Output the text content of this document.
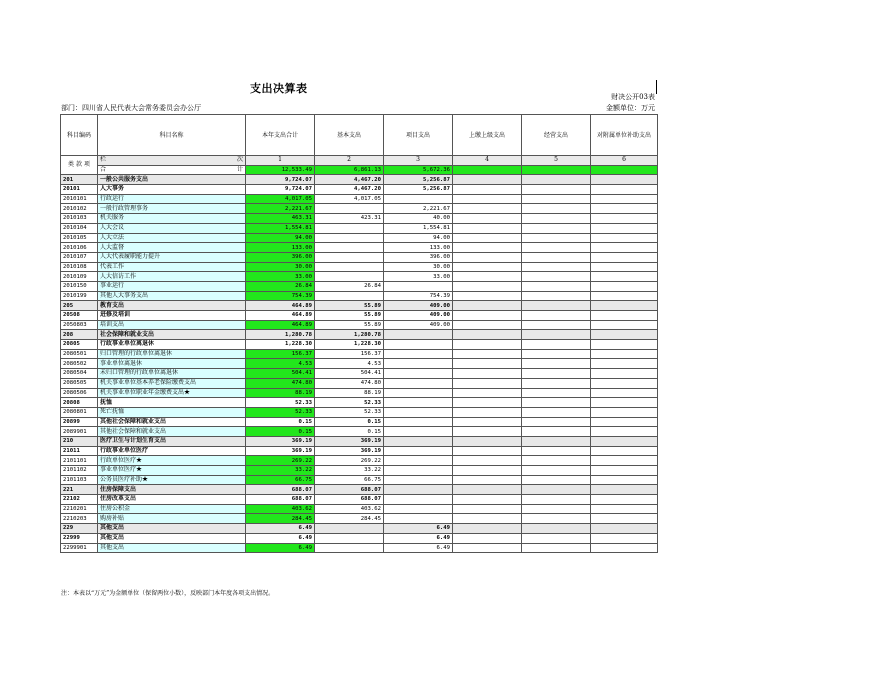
支出决算表
财决公开03表
部门：四川省人民代表大会常务委员会办公厅	金额单位：万元
科目编码	科目名称	本年支出合计	基本支出	项目支出	上缴上级支出	经营支出	对附属单位补助支出
类 款 项	栏 次	1	2	3	4	5	6

	合 计	12,533.49	6,861.13	5,672.36			
201	一般公共服务支出	9,724.07	4,467.20	5,256.87			
20101	人大事务	9,724.07	4,467.20	5,256.87			
2010101	行政运行	4,017.05	4,017.05				
2010102	一般行政管理事务	2,221.67		2,221.67			
2010103	机关服务	463.31	423.31	40.00			
2010104	人大会议	1,554.81		1,554.81			
2010105	人大立法	94.00		94.00			
2010106	人大监督	133.00		133.00			
2010107	人大代表履职能力提升	396.00		396.00			
2010108	代表工作	30.00		30.00			
2010109	人大信访工作	33.00		33.00			
2010150	事业运行	26.84	26.84				
2010199	其他人大事务支出	754.39		754.39			
205	教育支出	464.89	55.89	409.00			
20508	进修及培训	464.89	55.89	409.00			
2050803	培训支出	464.89	55.89	409.00			
208	社会保障和就业支出	1,280.78	1,280.78				
20805	行政事业单位离退休	1,228.30	1,228.30				
2080501	归口管理的行政单位离退休	156.37	156.37				
2080502	事业单位离退休	4.53	4.53				
2080504	未归口管理的行政单位离退休	504.41	504.41				
2080505	机关事业单位基本养老保险缴费支出	474.80	474.80				
2080506	机关事业单位职业年金缴费支出★	88.19	88.19				
20808	抚恤	52.33	52.33				
2080801	死亡抚恤	52.33	52.33				
20899	其他社会保障和就业支出	0.15	0.15				
2089901	其他社会保障和就业支出	0.15	0.15				
210	医疗卫生与计划生育支出	369.19	369.19				
21011	行政事业单位医疗	369.19	369.19				
2101101	行政单位医疗★	269.22	269.22				
2101102	事业单位医疗★	33.22	33.22				
2101103	公务员医疗补助★	66.75	66.75				
221	住房保障支出	688.07	688.07				
22102	住房改革支出	688.07	688.07				
2210201	住房公积金	403.62	403.62				
2210203	购房补贴	284.45	284.45				
229	其他支出	6.49		6.49			
22999	其他支出	6.49		6.49			
2299901	其他支出	6.49		6.49			
注：本表以“万元”为金额单位（保留两位小数），反映部门本年度各项支出情况。
